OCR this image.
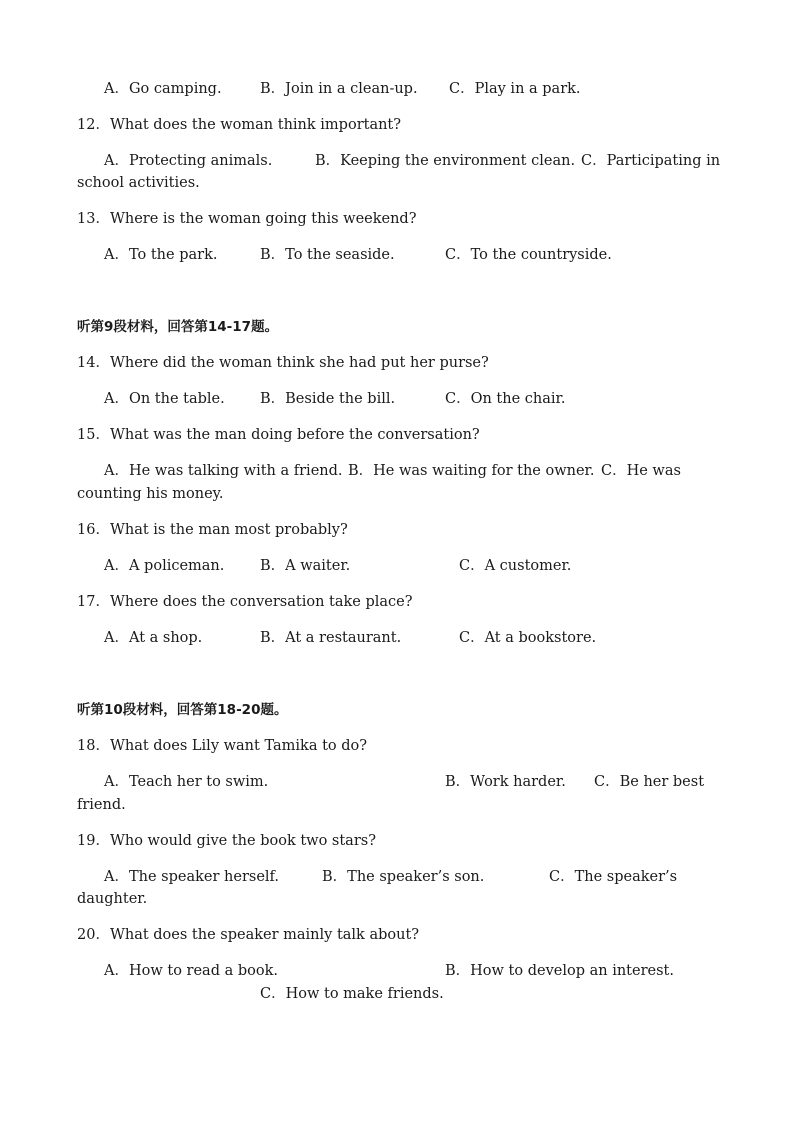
A．Go camping.	B．Join in a clean-up. C．Play in a park.
12．What does the woman think important?
A．Protecting animals.	B．Keeping the environment clean. C．Participating in
school activities.
13．Where is the woman going this weekend?
A．To the park.	B．To the seaside.	C．To the countryside.
听第9段材料，回答第14-17题。
14．Where did the woman think she had put her purse?
A．On the table. B．Beside the bill.	C．On the chair.
15．What was the man doing before the conversation?
A．He was talking with a friend. B．He was waiting for the owner. C．He was
counting his money.
16．What is the man most probably?
A．A policeman. B．A waiter.	C．A customer.
17．Where does the conversation take place?
A．At a shop.	B．At a restaurant.	C．At a bookstore.
听第10段材料，回答第18-20题。
18．What does Lily want Tamika to do?
A．Teach her to swim.	B．Work harder. C．Be her best
friend.
19．Who would give the book two stars?
A．The speaker herself.	B．The speaker’s son.	C．The speaker’s
daughter.
20．What does the speaker mainly talk about?
A．How to read a book.	B．How to develop an interest.
C．How to make friends.
